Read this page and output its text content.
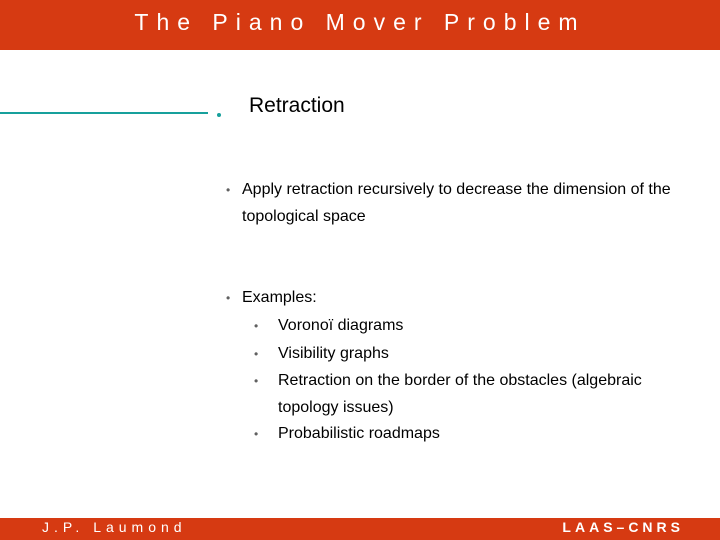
The Piano Mover Problem
Retraction
• Apply retraction recursively to decrease the dimension of the topological space
• Examples:
• Voronoï diagrams
• Visibility graphs
• Retraction on the border of the obstacles (algebraic topology issues)
• Probabilistic roadmaps
J.P. Laumond	LAAS–CNRS
